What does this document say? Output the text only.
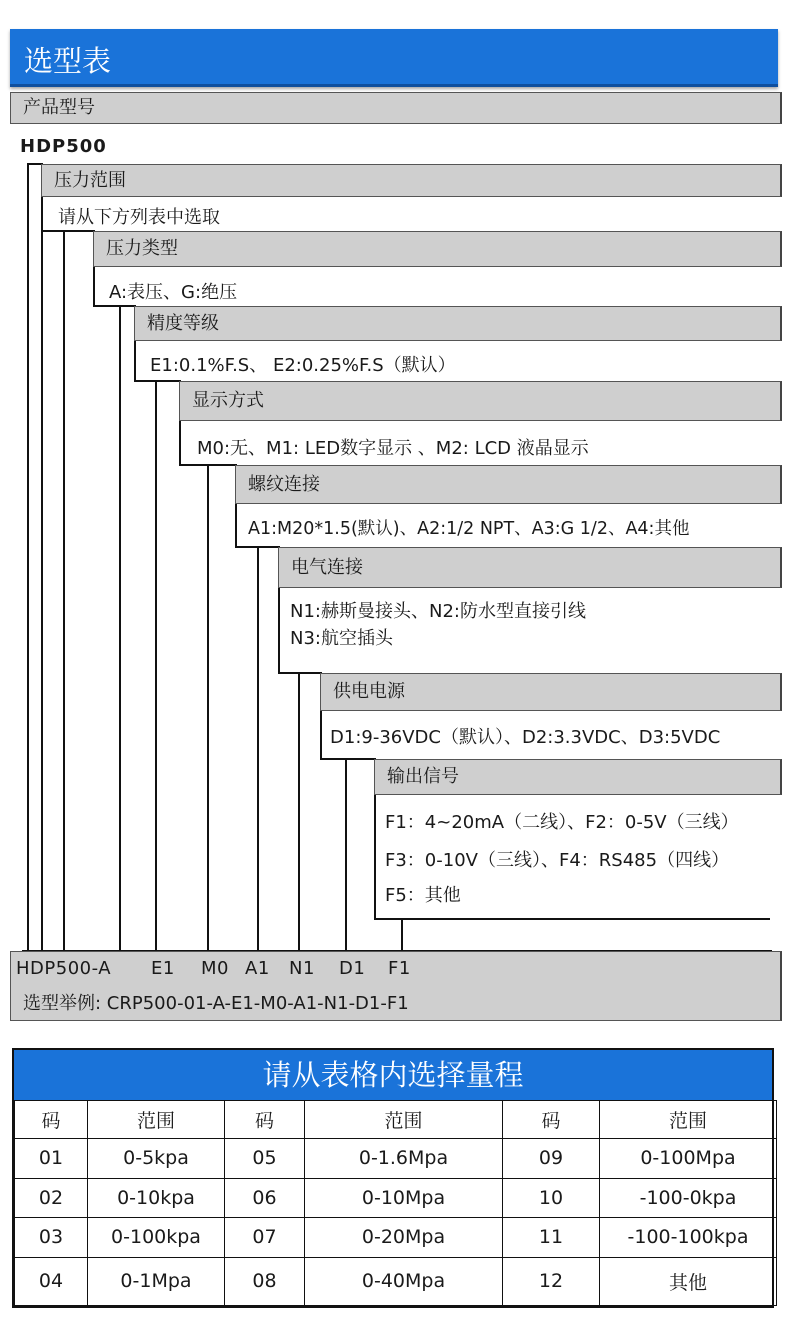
选型表
产品型号
HDP500
压力范围
请从下方列表中选取
压力类型
A:表压、G:绝压
精度等级
E1:0.1%F.S、 E2:0.25%F.S（默认）
显示方式
M0:无、M1: LED数字显示 、M2: LCD 液晶显示
螺纹连接
A1:M20*1.5(默认)、A2:1/2 NPT、A3:G 1/2、A4:其他
电气连接
N1:赫斯曼接头、N2:防水型直接引线
N3:航空插头
供电电源
D1:9-36VDC（默认）、D2:3.3VDC、D3:5VDC
输出信号
F1：4~20mA（二线）、F2：0-5V（三线）
F3：0-10V（三线）、F4：RS485（四线）
F5：其他
HDP500-A E1 M0 A1 N1 D1 F1
选型举例: CRP500-01-A-E1-M0-A1-N1-D1-F1
请从表格内选择量程
码	范围	码	范围	码	范围
01	0-5kpa	05	0-1.6Mpa	09	0-100Mpa
02	0-10kpa	06	0-10Mpa	10	-100-0kpa
03	0-100kpa	07	0-20Mpa	11	-100-100kpa
04	0-1Mpa	08	0-40Mpa	12	其他
